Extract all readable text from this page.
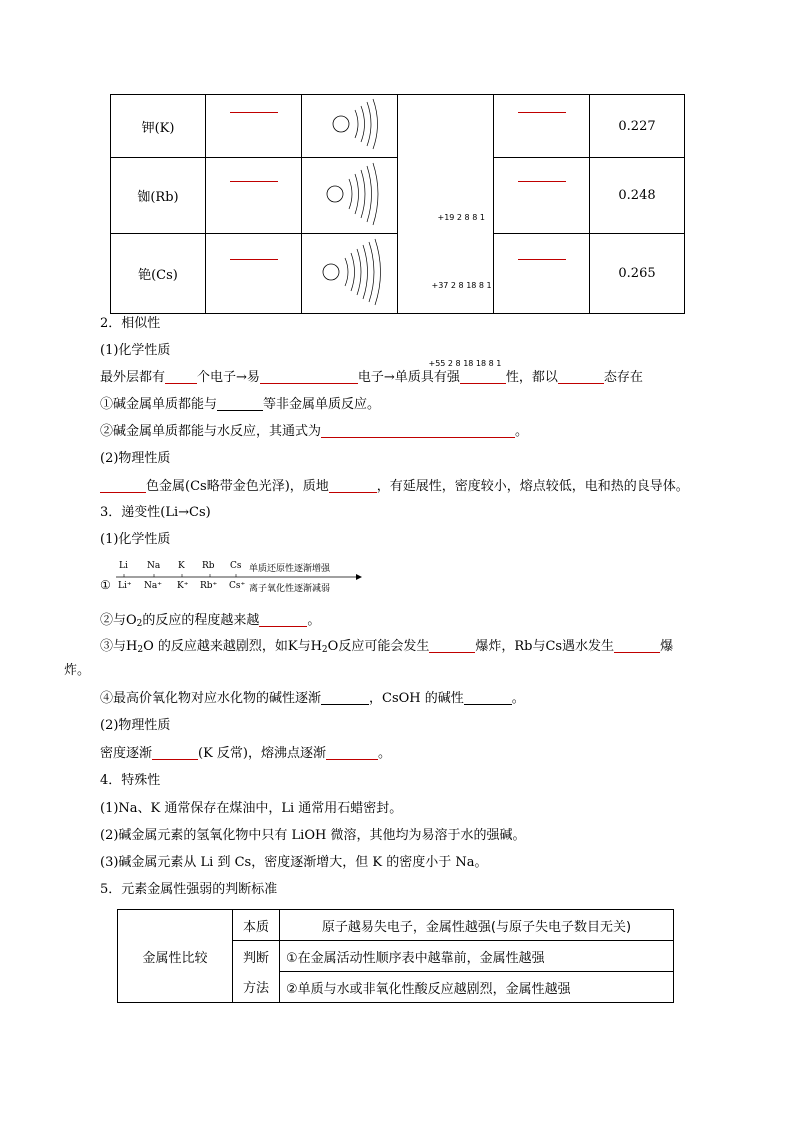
钾(K)		+19 2 8 8 1			0.227
铷(Rb)		+37 2 8 18 8 1			0.248
铯(Cs)		+55 2 8 18 18 8 1			0.265
2．相似性
(1)化学性质
最外层都有 个电子→易	电子→单质具有强	性，都以	态存在
①碱金属单质都能与	等非金属单质反应。
②碱金属单质都能与水反应，其通式为	。
(2)物理性质
色金属(Cs略带金色光泽)，质地	，有延展性，密度较小，熔点较低，电和热的良导体。
3．递变性(Li→Cs)
(1)化学性质
①
Li Na K Rb Cs 单质还原性逐渐增强
Li⁺ Na⁺ K⁺ Rb⁺ Cs⁺ 离子氧化性逐渐减弱
②与$O_2$的反应的程度越来越	。
③与$H_2O$ 的反应越来越剧烈，如K与$H_2O$反应可能会发生	爆炸，Rb与Cs遇水发生	爆
炸。
④最高价氧化物对应水化物的碱性逐渐	，CsOH 的碱性	。
(2)物理性质
密度逐渐	(K 反常)，熔沸点逐渐	。
4．特殊性
(1)Na、K 通常保存在煤油中，Li 通常用石蜡密封。
(2)碱金属元素的氢氧化物中只有 LiOH 微溶，其他均为易溶于水的强碱。
(3)碱金属元素从 Li 到 Cs，密度逐渐增大，但 K 的密度小于 Na。
5．元素金属性强弱的判断标准
金属性比较	本质	原子越易失电子，金属性越强(与原子失电子数目无关)
	判断	①在金属活动性顺序表中越靠前，金属性越强
	方法	②单质与水或非氧化性酸反应越剧烈，金属性越强
